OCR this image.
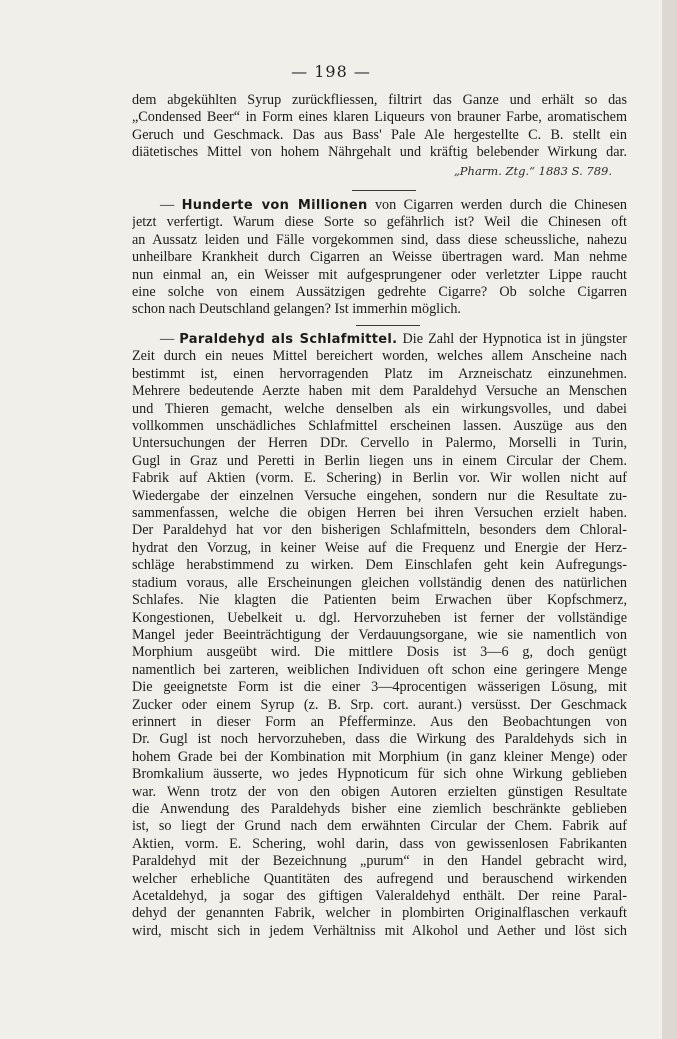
— 198 —
dem abgekühlten Syrup zurückfliessen, filtrirt das Ganze und erhält so das
„Condensed Beer“ in Form eines klaren Liqueurs von brauner Farbe, aromatischem
Geruch und Geschmack. Das aus Bass' Pale Ale hergestellte C. B. stellt ein
diätetisches Mittel von hohem Nährgehalt und kräftig belebender Wirkung dar.
„Pharm. Ztg.“ 1883 S. 789.
— Hunderte von Millionen von Cigarren werden durch die Chinesen
jetzt verfertigt. Warum diese Sorte so gefährlich ist? Weil die Chinesen oft
an Aussatz leiden und Fälle vorgekommen sind, dass diese scheussliche, nahezu
unheilbare Krankheit durch Cigarren an Weisse übertragen ward. Man nehme
nun einmal an, ein Weisser mit aufgesprungener oder verletzter Lippe raucht
eine solche von einem Aussätzigen gedrehte Cigarre? Ob solche Cigarren
schon nach Deutschland gelangen? Ist immerhin möglich.
— Paraldehyd als Schlafmittel. Die Zahl der Hypnotica ist in jüngster
Zeit durch ein neues Mittel bereichert worden, welches allem Anscheine nach
bestimmt ist, einen hervorragenden Platz im Arzneischatz einzunehmen.
Mehrere bedeutende Aerzte haben mit dem Paraldehyd Versuche an Menschen
und Thieren gemacht, welche denselben als ein wirkungsvolles, und dabei
vollkommen unschädliches Schlafmittel erscheinen lassen. Auszüge aus den
Untersuchungen der Herren DDr. Cervello in Palermo, Morselli in Turin,
Gugl in Graz und Peretti in Berlin liegen uns in einem Circular der Chem.
Fabrik auf Aktien (vorm. E. Schering) in Berlin vor. Wir wollen nicht auf
Wiedergabe der einzelnen Versuche eingehen, sondern nur die Resultate zu-
sammenfassen, welche die obigen Herren bei ihren Versuchen erzielt haben.
Der Paraldehyd hat vor den bisherigen Schlafmitteln, besonders dem Chloral-
hydrat den Vorzug, in keiner Weise auf die Frequenz und Energie der Herz-
schläge herabstimmend zu wirken. Dem Einschlafen geht kein Aufregungs-
stadium voraus, alle Erscheinungen gleichen vollständig denen des natürlichen
Schlafes. Nie klagten die Patienten beim Erwachen über Kopfschmerz,
Kongestionen, Uebelkeit u. dgl. Hervorzuheben ist ferner der vollständige
Mangel jeder Beeinträchtigung der Verdauungsorgane, wie sie namentlich von
Morphium ausgeübt wird. Die mittlere Dosis ist 3—6 g, doch genügt
namentlich bei zarteren, weiblichen Individuen oft schon eine geringere Menge
Die geeignetste Form ist die einer 3—4procentigen wässerigen Lösung, mit
Zucker oder einem Syrup (z. B. Srp. cort. aurant.) versüsst. Der Geschmack
erinnert in dieser Form an Pfefferminze. Aus den Beobachtungen von
Dr. Gugl ist noch hervorzuheben, dass die Wirkung des Paraldehyds sich in
hohem Grade bei der Kombination mit Morphium (in ganz kleiner Menge) oder
Bromkalium äusserte, wo jedes Hypnoticum für sich ohne Wirkung geblieben
war. Wenn trotz der von den obigen Autoren erzielten günstigen Resultate
die Anwendung des Paraldehyds bisher eine ziemlich beschränkte geblieben
ist, so liegt der Grund nach dem erwähnten Circular der Chem. Fabrik auf
Aktien, vorm. E. Schering, wohl darin, dass von gewissenlosen Fabrikanten
Paraldehyd mit der Bezeichnung „purum“ in den Handel gebracht wird,
welcher erhebliche Quantitäten des aufregend und berauschend wirkenden
Acetaldehyd, ja sogar des giftigen Valeraldehyd enthält. Der reine Paral-
dehyd der genannten Fabrik, welcher in plombirten Originalflaschen verkauft
wird, mischt sich in jedem Verhältniss mit Alkohol und Aether und löst sich
